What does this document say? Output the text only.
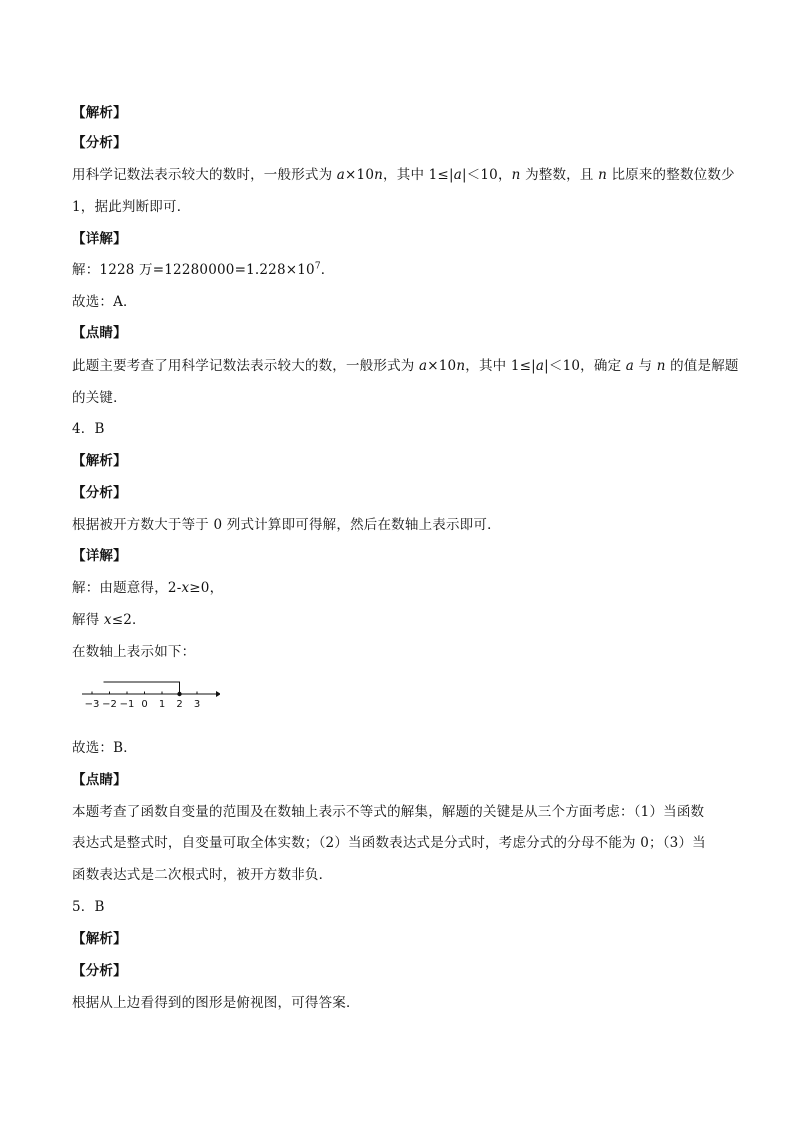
【解析】
【分析】
用科学记数法表示较大的数时，一般形式为 a×10n，其中 1≤|a|＜10，n 为整数，且 n 比原来的整数位数少
1，据此判断即可．
【详解】
解：1228 万$=12280000=1.228\times 10^7$．
故选：A．
【点睛】
此题主要考查了用科学记数法表示较大的数，一般形式为 a×10n，其中 1≤|a|＜10，确定 a 与 n 的值是解题
的关键．
4．B
【解析】
【分析】
根据被开方数大于等于 0 列式计算即可得解，然后在数轴上表示即可．
【详解】
解：由题意得，2-x≥0，
解得 x≤2．
在数轴上表示如下：
−3 −2 −1 0 1 2 3
故选：B．
【点睛】
表达式是整式时，自变量可取全体实数；（2）当函数表达式是分式时，考虑分式的分母不能为 0；（3）当
本题考查了函数自变量的范围及在数轴上表示不等式的解集，解题的关键是从三个方面考虑：（1）当函数
函数表达式是二次根式时，被开方数非负．
5．B
【解析】
【分析】
根据从上边看得到的图形是俯视图，可得答案．
